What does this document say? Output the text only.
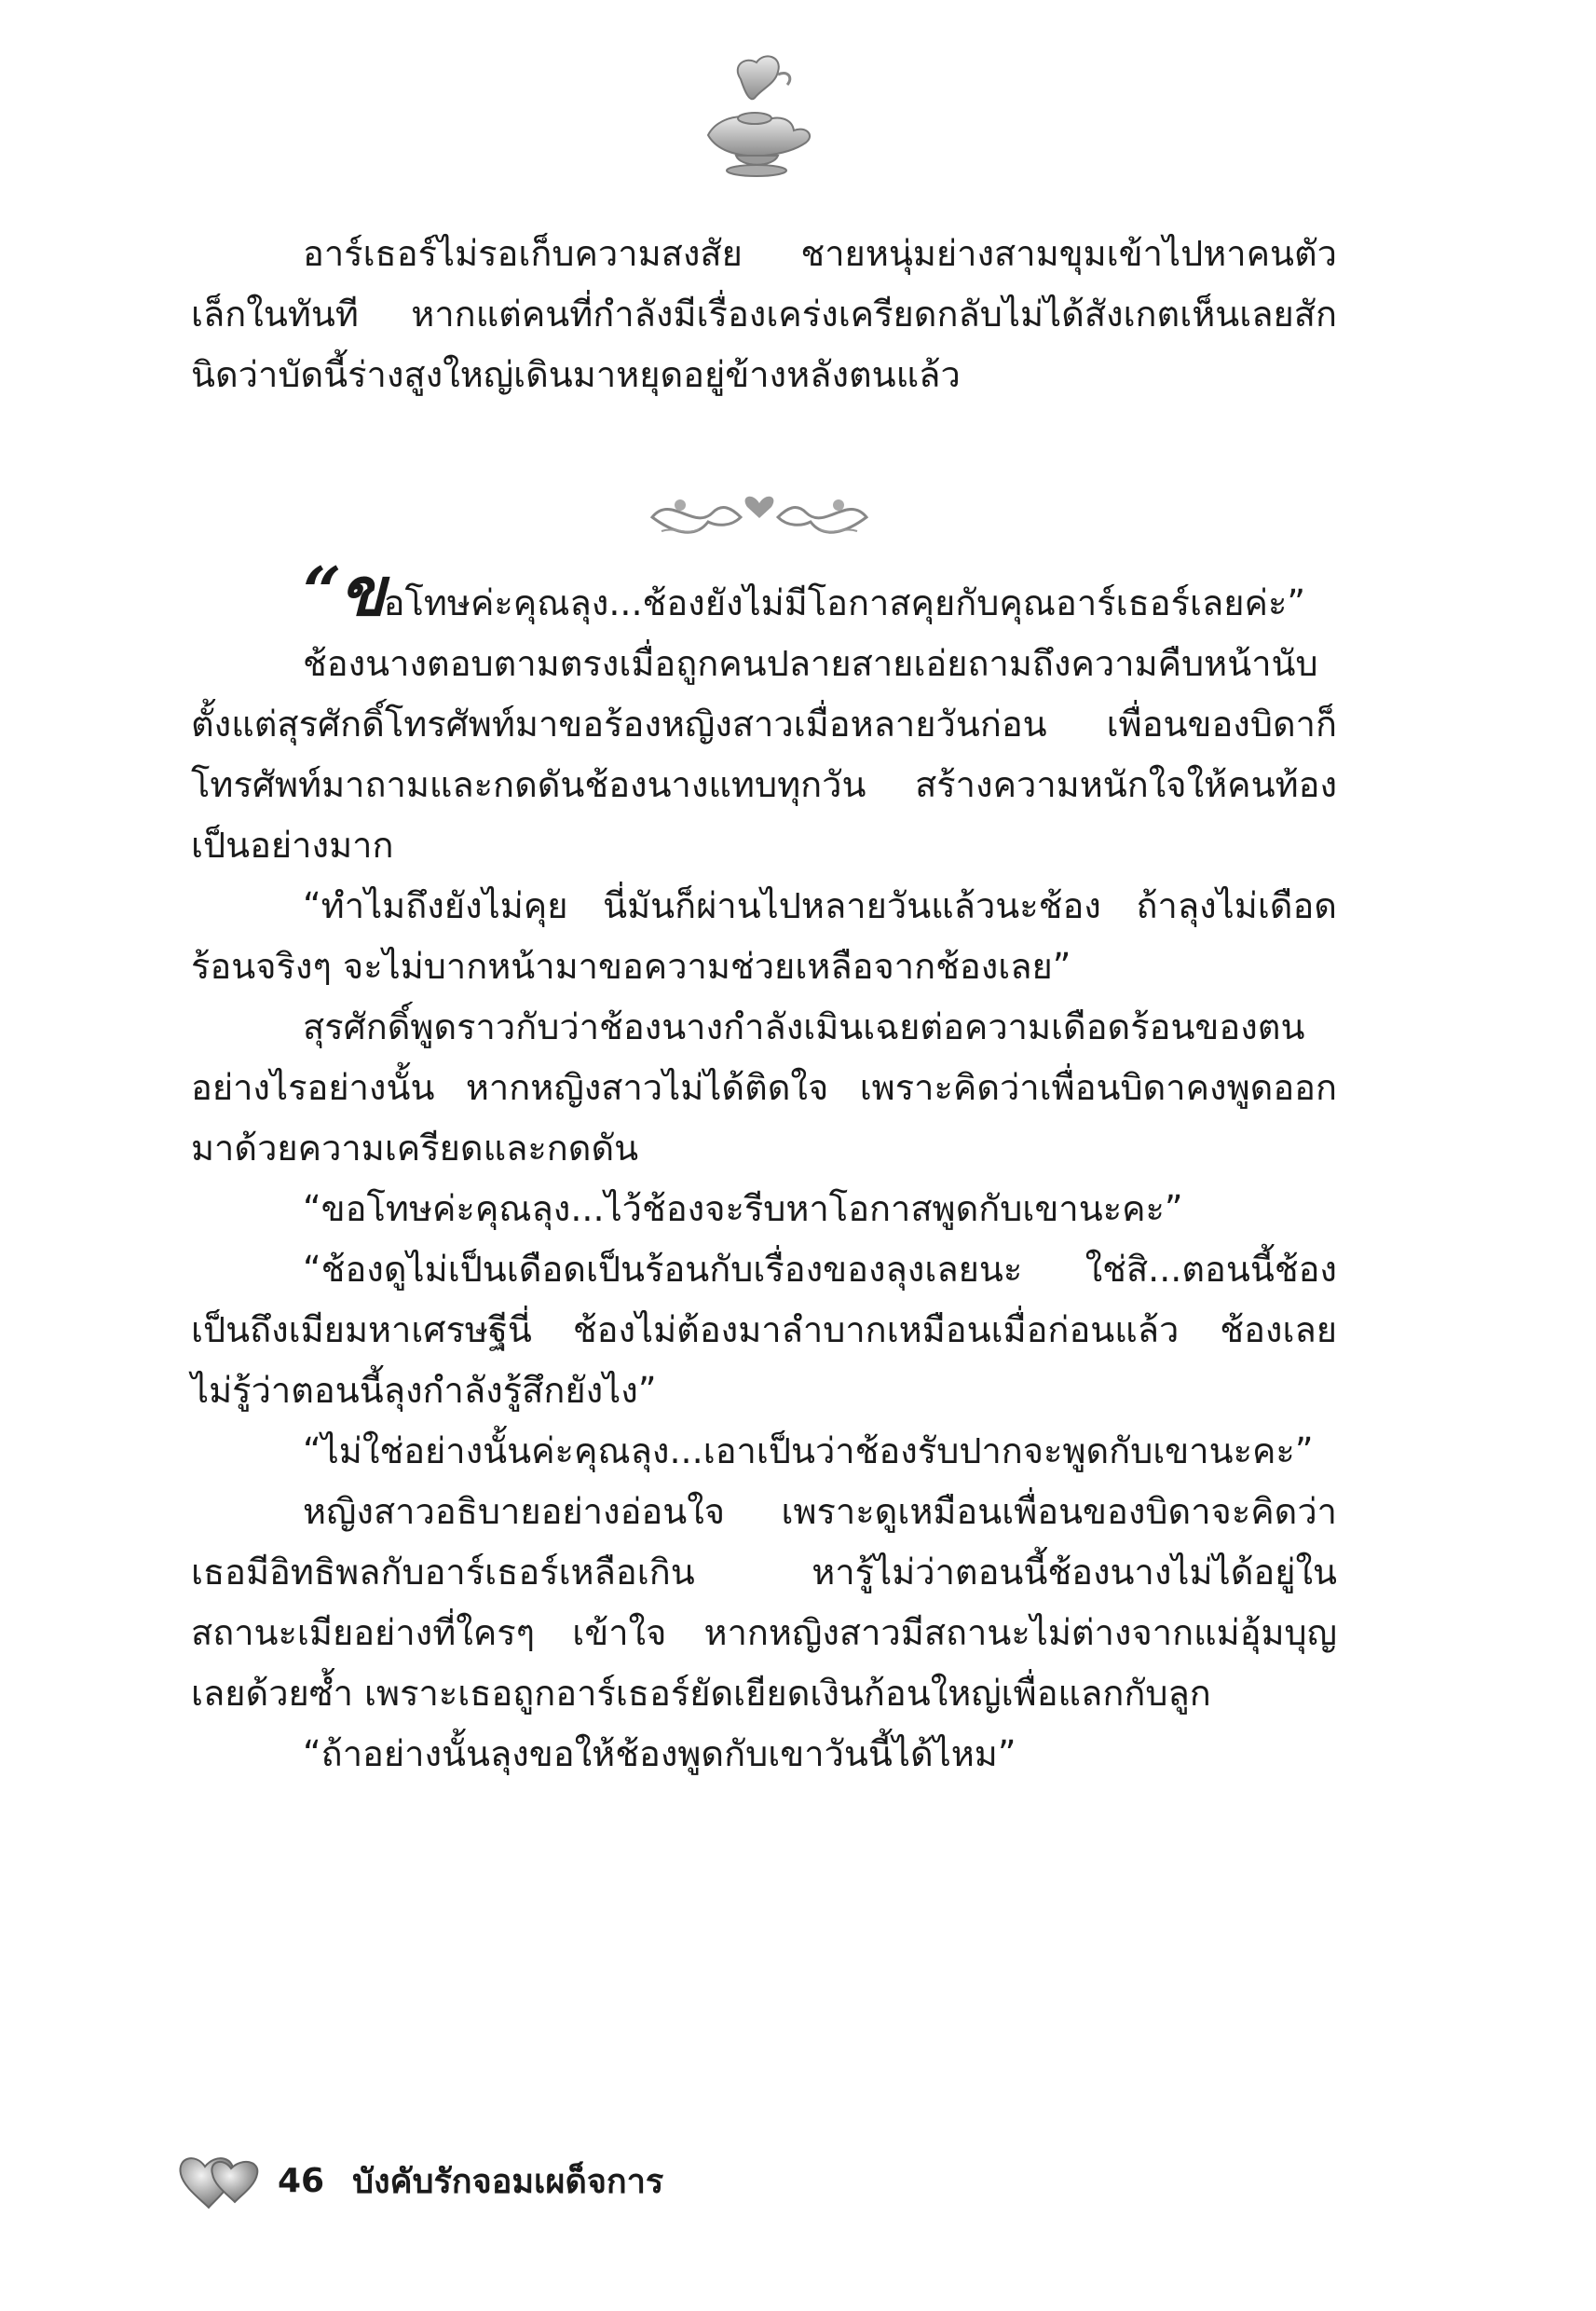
อาร์เธอร์ไม่รอเก็บความสงสัย ชายหนุ่มย่างสามขุมเข้าไปหาคนตัวเล็กในทันที หากแต่คนที่กำลังมีเรื่องเคร่งเครียดกลับไม่ได้สังเกตเห็นเลยสักนิดว่าบัดนี้ร่างสูงใหญ่เดินมาหยุดอยู่ข้างหลังตนแล้ว

“ขอโทษค่ะคุณลุง...ช้องยังไม่มีโอกาสคุยกับคุณอาร์เธอร์เลยค่ะ”

ช้องนางตอบตามตรงเมื่อถูกคนปลายสายเอ่ยถามถึงความคืบหน้านับตั้งแต่สุรศักดิ์โทรศัพท์มาขอร้องหญิงสาวเมื่อหลายวันก่อน เพื่อนของบิดาก็โทรศัพท์มาถามและกดดันช้องนางแทบทุกวัน สร้างความหนักใจให้คนท้องเป็นอย่างมาก

“ทำไมถึงยังไม่คุย นี่มันก็ผ่านไปหลายวันแล้วนะช้อง ถ้าลุงไม่เดือดร้อนจริงๆ จะไม่บากหน้ามาขอความช่วยเหลือจากช้องเลย”

สุรศักดิ์พูดราวกับว่าช้องนางกำลังเมินเฉยต่อความเดือดร้อนของตนอย่างไรอย่างนั้น หากหญิงสาวไม่ได้ติดใจ เพราะคิดว่าเพื่อนบิดาคงพูดออกมาด้วยความเครียดและกดดัน

“ขอโทษค่ะคุณลุง...ไว้ช้องจะรีบหาโอกาสพูดกับเขานะคะ”

“ช้องดูไม่เป็นเดือดเป็นร้อนกับเรื่องของลุงเลยนะ ใช่สิ...ตอนนี้ช้องเป็นถึงเมียมหาเศรษฐีนี่ ช้องไม่ต้องมาลำบากเหมือนเมื่อก่อนแล้ว ช้องเลยไม่รู้ว่าตอนนี้ลุงกำลังรู้สึกยังไง”

“ไม่ใช่อย่างนั้นค่ะคุณลุง...เอาเป็นว่าช้องรับปากจะพูดกับเขานะคะ”

หญิงสาวอธิบายอย่างอ่อนใจ เพราะดูเหมือนเพื่อนของบิดาจะคิดว่าเธอมีอิทธิพลกับอาร์เธอร์เหลือเกิน หารู้ไม่ว่าตอนนี้ช้องนางไม่ได้อยู่ในสถานะเมียอย่างที่ใครๆ เข้าใจ หากหญิงสาวมีสถานะไม่ต่างจากแม่อุ้มบุญเลยด้วยซ้ำ เพราะเธอถูกอาร์เธอร์ยัดเยียดเงินก้อนใหญ่เพื่อแลกกับลูก

“ถ้าอย่างนั้นลุงขอให้ช้องพูดกับเขาวันนี้ได้ไหม”

46 บังคับรักจอมเผด็จการ
